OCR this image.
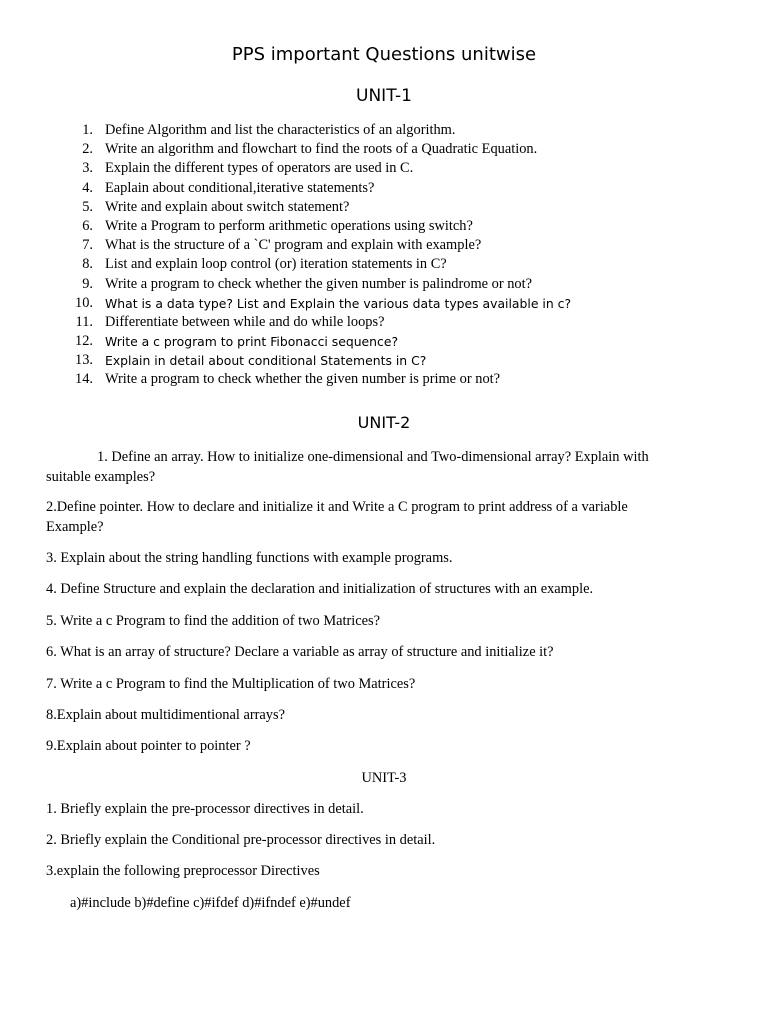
PPS important Questions unitwise
UNIT-1
1. Define Algorithm and list the characteristics of an algorithm.
2. Write an algorithm and flowchart to find the roots of a Quadratic Equation.
3. Explain the different types of operators are used in C.
4. Eaplain about conditional,iterative statements?
5. Write and explain about switch statement?
6. Write a Program to perform arithmetic operations using switch?
7. What is the structure of a `C' program and explain with example?
8. List and explain loop control (or) iteration statements in C?
9. Write a program to check whether the given number is palindrome or not?
10. What is a data type? List and Explain the various data types available in c?
11. Differentiate between while and do while loops?
12. Write a c program to print Fibonacci sequence?
13. Explain in detail about conditional Statements in C?
14. Write a program to check whether the given number is prime or not?
UNIT-2
1. Define an array. How to initialize one-dimensional and Two-dimensional array? Explain with
suitable examples?
2.Define pointer. How to declare and initialize it and Write a C program to print address of a variable
Example?
3. Explain about the string handling functions with example programs.
4. Define Structure and explain the declaration and initialization of structures with an example.
5. Write a c Program to find the addition of two Matrices?
6. What is an array of structure? Declare a variable as array of structure and initialize it?
7. Write a c Program to find the Multiplication of two Matrices?
8.Explain about multidimentional arrays?
9.Explain about pointer to pointer ?
UNIT-3
1. Briefly explain the pre-processor directives in detail.
2. Briefly explain the Conditional pre-processor directives in detail.
3.explain the following preprocessor Directives
a)#include b)#define c)#ifdef d)#ifndef e)#undef
